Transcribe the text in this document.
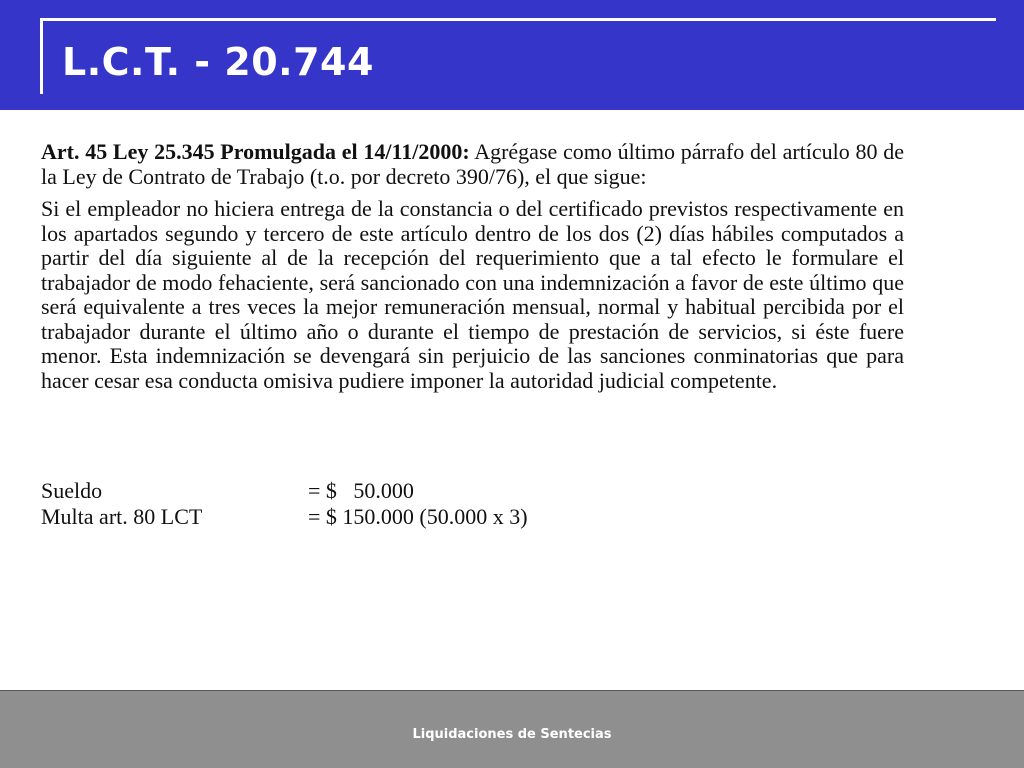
L.C.T. - 20.744

Art. 45 Ley 25.345 Promulgada el 14/11/2000: Agrégase como último párrafo del artículo 80 de la Ley de Contrato de Trabajo (t.o. por decreto 390/76), el que sigue:

Si el empleador no hiciera entrega de la constancia o del certificado previstos respectivamente en los apartados segundo y tercero de este artículo dentro de los dos (2) días hábiles computados a partir del día siguiente al de la recepción del requerimiento que a tal efecto le formulare el trabajador de modo fehaciente, será sancionado con una indemnización a favor de este último que será equivalente a tres veces la mejor remuneración mensual, normal y habitual percibida por el trabajador durante el último año o durante el tiempo de prestación de servicios, si éste fuere menor. Esta indemnización se devengará sin perjuicio de las sanciones conminatorias que para hacer cesar esa conducta omisiva pudiere imponer la autoridad judicial competente.

Sueldo	= $   50.000
Multa art. 80 LCT	= $ 150.000 (50.000 x 3)
Liquidaciones de Sentecias
